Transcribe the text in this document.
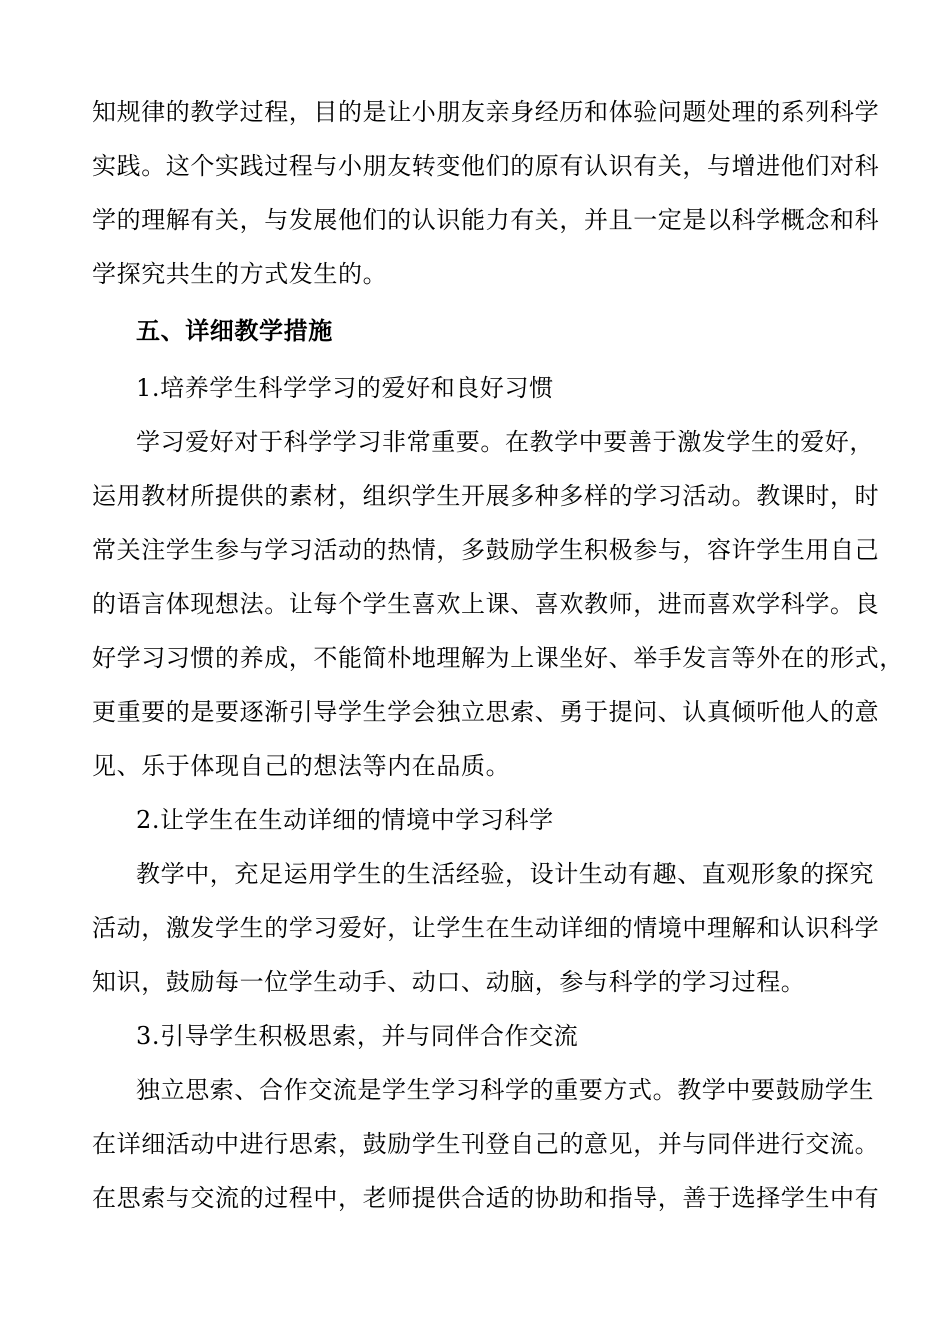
知规律的教学过程，目的是让小朋友亲身经历和体验问题处理的系列科学
实践。这个实践过程与小朋友转变他们的原有认识有关，与增进他们对科
学的理解有关，与发展他们的认识能力有关，并且一定是以科学概念和科
学探究共生的方式发生的。
五、详细教学措施
1.培养学生科学学习的爱好和良好习惯
学习爱好对于科学学习非常重要。在教学中要善于激发学生的爱好，
运用教材所提供的素材，组织学生开展多种多样的学习活动。教课时，时
常关注学生参与学习活动的热情，多鼓励学生积极参与，容许学生用自己
的语言体现想法。让每个学生喜欢上课、喜欢教师，进而喜欢学科学。良
好学习习惯的养成，不能简朴地理解为上课坐好、举手发言等外在的形式，
更重要的是要逐渐引导学生学会独立思索、勇于提问、认真倾听他人的意
见、乐于体现自己的想法等内在品质。
2.让学生在生动详细的情境中学习科学
教学中，充足运用学生的生活经验，设计生动有趣、直观形象的探究
活动，激发学生的学习爱好，让学生在生动详细的情境中理解和认识科学
知识，鼓励每一位学生动手、动口、动脑，参与科学的学习过程。
3.引导学生积极思索，并与同伴合作交流
独立思索、合作交流是学生学习科学的重要方式。教学中要鼓励学生
在详细活动中进行思索，鼓励学生刊登自己的意见，并与同伴进行交流。
在思索与交流的过程中，老师提供合适的协助和指导，善于选择学生中有
